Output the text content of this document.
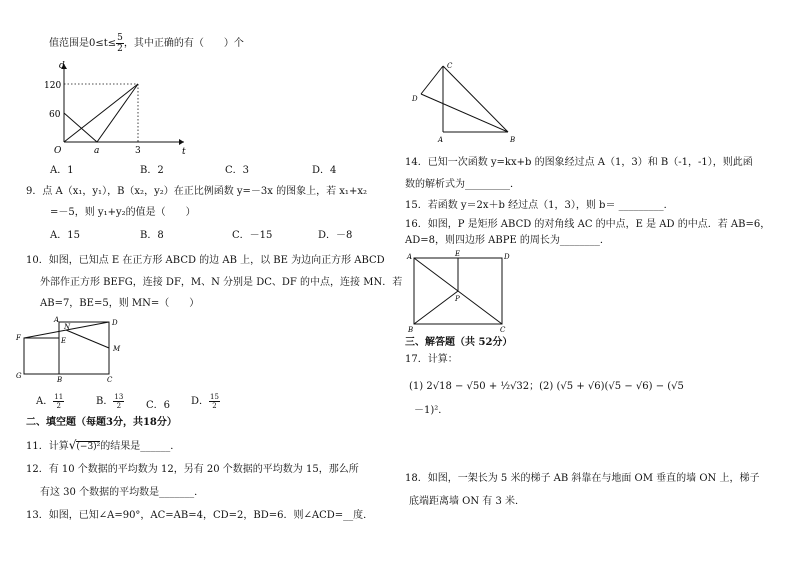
值范围是$0\le t\le \frac{5}{2}$ ，其中正确的有（　　）个
d
t
O
120
60
a	3
A．1	B．2	C．3	D．4
9．点 A（x₁，y₁），B（x₂，y₂）在正比例函数 y=－3x 的图象上，若 x₁+x₂
=－5，则 y₁+y₂的值是（　　）
A．15	B．8	C．－15	D．－8
10．如图，已知点 E 在正方形 ABCD 的边 AB 上，以 BE 为边向正方形 ABCD
外部作正方形 BEFG，连接 DF，M、N 分别是 DC、DF 的中点，连接 MN．若
AB=7，BE=5，则 MN=（　　）
A
N	D
F	E
M
G	B	C
A． $\frac{11}{2}$	B． $\frac{13}{2}$ C．6 D． $\frac{15}{2}$
二、填空题（每题3分，共18分）
11．计算√(−3)²的结果是______．
12．有 10 个数据的平均数为 12，另有 20 个数据的平均数为 15，那么所
有这 30 个数据的平均数是_______．
13．如图，已知∠A=90°，AC=AB=4，CD=2，BD=6．则∠ACD=__度．
C
D
A	B
14．已知一次函数 y=kx+b 的图象经过点 A（1，3）和 B（-1，-1），则此函
数的解析式为_________．
15．若函数 y＝2x＋b 经过点（1，3），则 b＝ _________．
16．如图，P 是矩形 ABCD 的对角线 AC 的中点，E 是 AD 的中点．若 AB=6，
AD=8，则四边形 ABPE 的周长为________．
A	E	D
P
B	C
三、解答题（共 52分）
17．计算：
(1) 2√18 − √50 + ½√32；(2) (√5 + √6)(√5 − √6) − (√5
－1)²．
18．如图，一架长为 5 米的梯子 AB 斜靠在与地面 OM 垂直的墙 ON 上，梯子
底端距离墙 ON 有 3 米．
